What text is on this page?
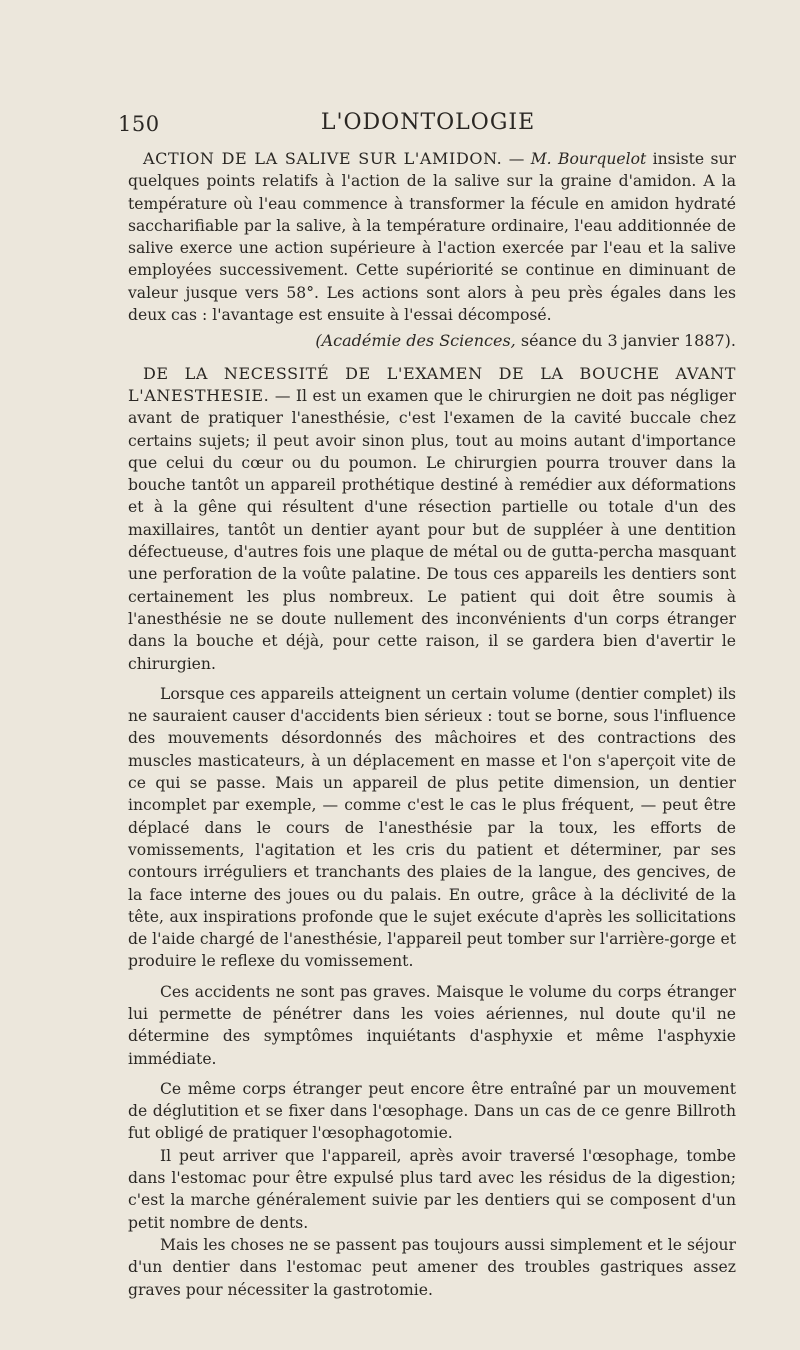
150	L'ODONTOLOGIE

ACTION DE LA SALIVE SUR L'AMIDON. — M. Bourquelot insiste sur quelques points relatifs à l'action de la salive sur la graine d'amidon. A la température où l'eau commence à transformer la fécule en amidon hydraté saccharifiable par la salive, à la température ordinaire, l'eau additionnée de salive exerce une action supérieure à l'action exercée par l'eau et la salive employées successivement. Cette supériorité se continue en diminuant de valeur jusque vers 58°. Les actions sont alors à peu près égales dans les deux cas : l'avantage est ensuite à l'essai décomposé.

(Académie des Sciences, séance du 3 janvier 1887).

DE LA NECESSITÉ DE L'EXAMEN DE LA BOUCHE AVANT L'ANESTHESIE. — Il est un examen que le chirurgien ne doit pas négliger avant de pratiquer l'anesthésie, c'est l'examen de la cavité buccale chez certains sujets; il peut avoir sinon plus, tout au moins autant d'importance que celui du cœur ou du poumon. Le chirurgien pourra trouver dans la bouche tantôt un appareil prothétique destiné à remédier aux déformations et à la gêne qui résultent d'une résection partielle ou totale d'un des maxillaires, tantôt un dentier ayant pour but de suppléer à une dentition défectueuse, d'autres fois une plaque de métal ou de gutta-percha masquant une perforation de la voûte palatine. De tous ces appareils les dentiers sont certainement les plus nombreux. Le patient qui doit être soumis à l'anesthésie ne se doute nullement des inconvénients d'un corps étranger dans la bouche et déjà, pour cette raison, il se gardera bien d'avertir le chirurgien.

Lorsque ces appareils atteignent un certain volume (dentier complet) ils ne sauraient causer d'accidents bien sérieux : tout se borne, sous l'influence des mouvements désordonnés des mâchoires et des contractions des muscles masticateurs, à un déplacement en masse et l'on s'aperçoit vite de ce qui se passe. Mais un appareil de plus petite dimension, un dentier incomplet par exemple, — comme c'est le cas le plus fréquent, — peut être déplacé dans le cours de l'anesthésie par la toux, les efforts de vomissements, l'agitation et les cris du patient et déterminer, par ses contours irréguliers et tranchants des plaies de la langue, des gencives, de la face interne des joues ou du palais. En outre, grâce à la déclivité de la tête, aux inspirations profonde que le sujet exécute d'après les sollicitations de l'aide chargé de l'anesthésie, l'appareil peut tomber sur l'arrière-gorge et produire le reflexe du vomissement.

Ces accidents ne sont pas graves. Maisque le volume du corps étranger lui permette de pénétrer dans les voies aériennes, nul doute qu'il ne détermine des symptômes inquiétants d'asphyxie et même l'asphyxie immédiate.

Ce même corps étranger peut encore être entraîné par un mouvement de déglutition et se fixer dans l'œsophage. Dans un cas de ce genre Billroth fut obligé de pratiquer l'œsophagotomie.

Il peut arriver que l'appareil, après avoir traversé l'œsophage, tombe dans l'estomac pour être expulsé plus tard avec les résidus de la digestion; c'est la marche généralement suivie par les dentiers qui se composent d'un petit nombre de dents.

Mais les choses ne se passent pas toujours aussi simplement et le séjour d'un dentier dans l'estomac peut amener des troubles gastriques assez graves pour nécessiter la gastrotomie.
